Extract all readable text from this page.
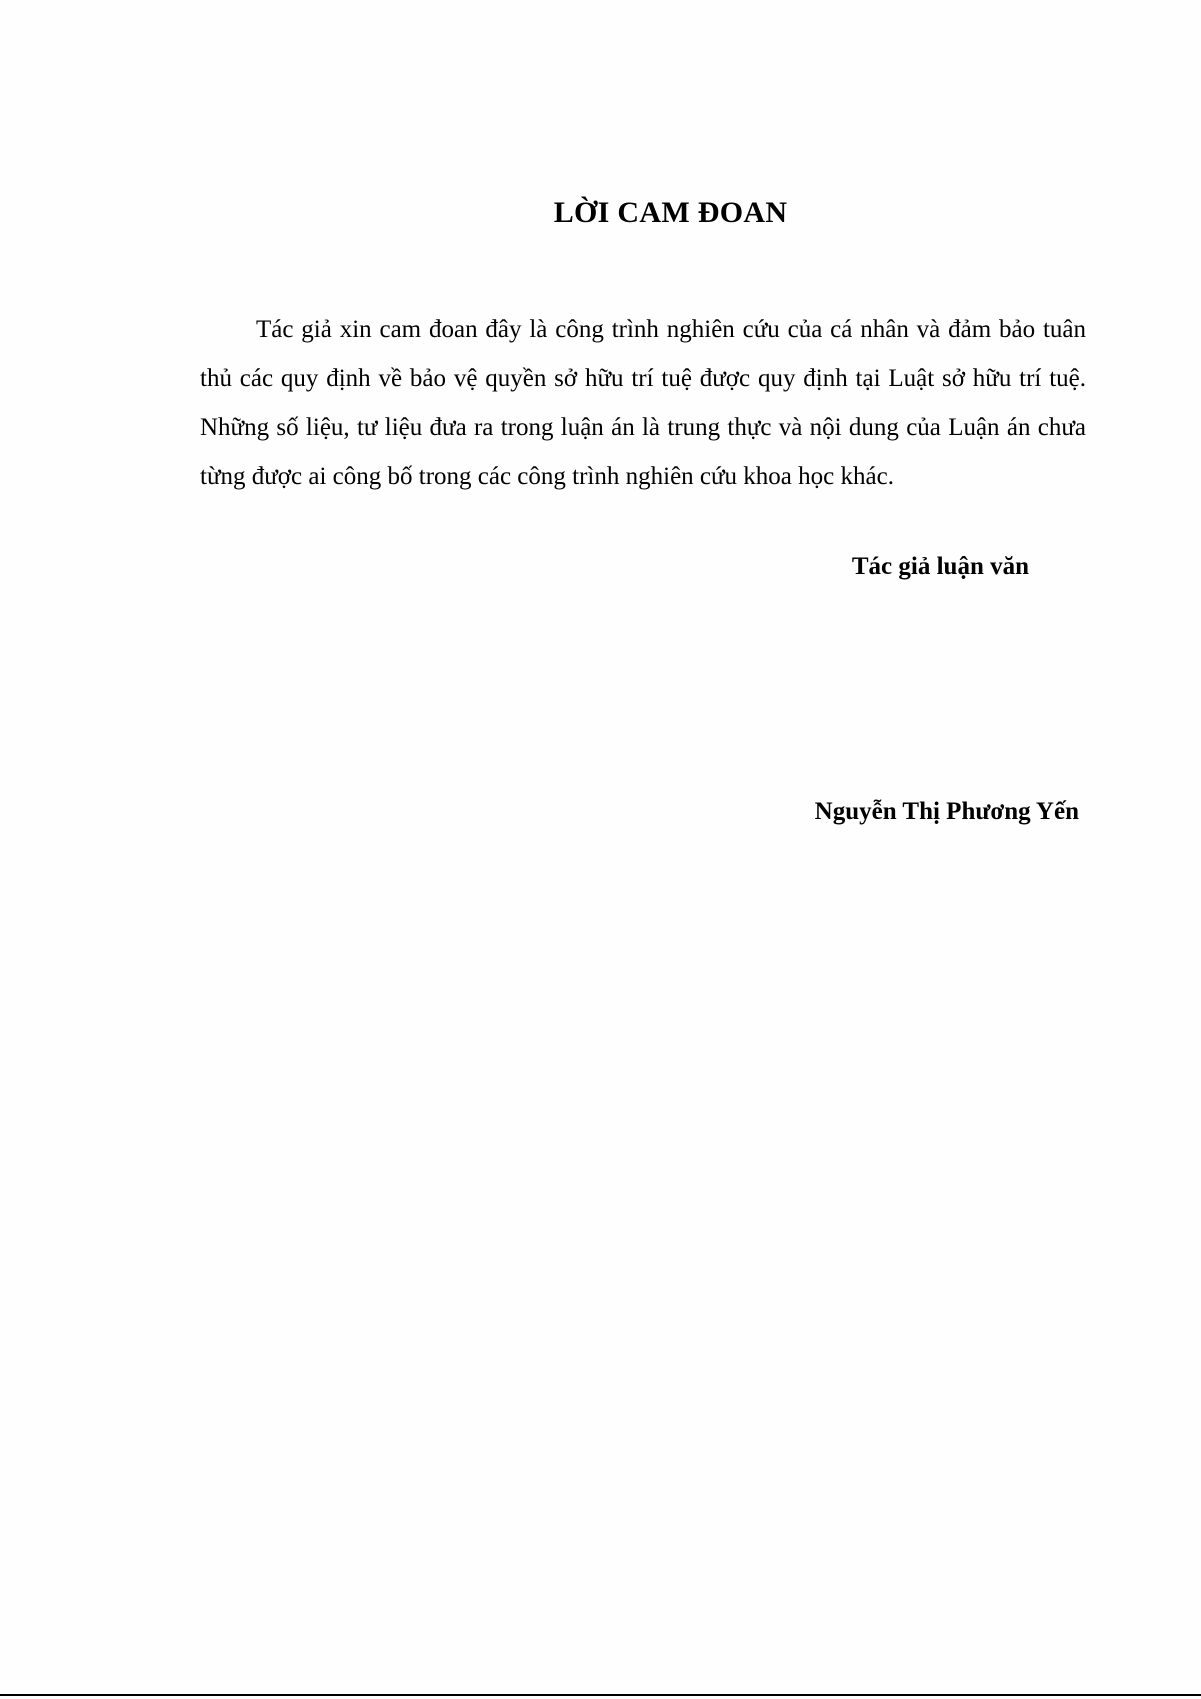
LỜI CAM ĐOAN

Tác giả xin cam đoan đây là công trình nghiên cứu của cá nhân và đảm bảo tuân thủ các quy định về bảo vệ quyền sở hữu trí tuệ được quy định tại Luật sở hữu trí tuệ. Những số liệu, tư liệu đưa ra trong luận án là trung thực và nội dung của Luận án chưa từng được ai công bố trong các công trình nghiên cứu khoa học khác.

Tác giả luận văn
Nguyễn Thị Phương Yến
